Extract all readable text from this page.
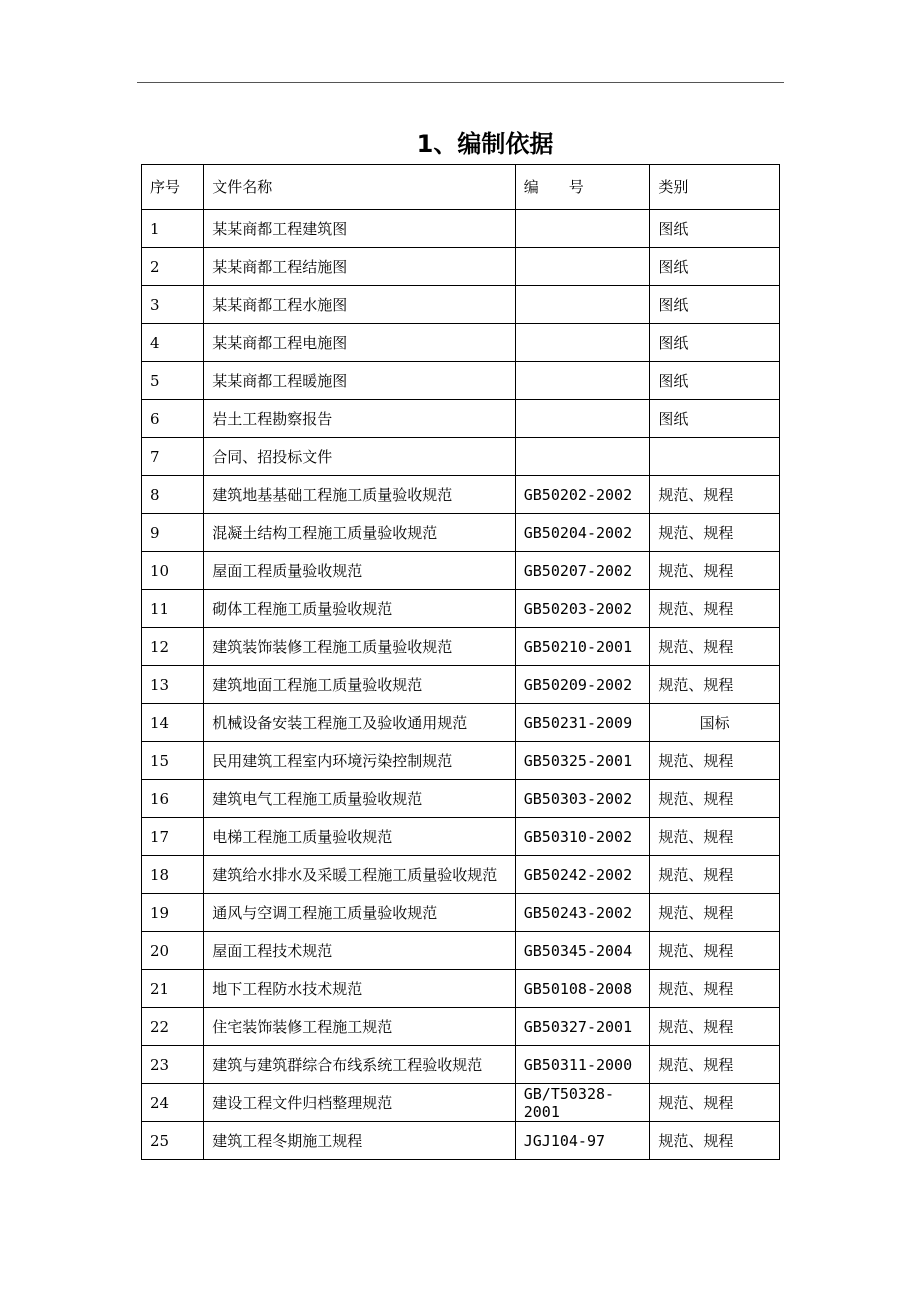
1、编制依据
序号	文件名称	编　　号	类别
1	某某商都工程建筑图		图纸
2	某某商都工程结施图		图纸
3	某某商都工程水施图		图纸
4	某某商都工程电施图		图纸
5	某某商都工程暖施图		图纸
6	岩土工程勘察报告		图纸
7	合同、招投标文件		
8	建筑地基基础工程施工质量验收规范	GB50202-2002	规范、规程
9	混凝土结构工程施工质量验收规范	GB50204-2002	规范、规程
10	屋面工程质量验收规范	GB50207-2002	规范、规程
11	砌体工程施工质量验收规范	GB50203-2002	规范、规程
12	建筑装饰装修工程施工质量验收规范	GB50210-2001	规范、规程
13	建筑地面工程施工质量验收规范	GB50209-2002	规范、规程
14	机械设备安装工程施工及验收通用规范	GB50231-2009	国标
15	民用建筑工程室内环境污染控制规范	GB50325-2001	规范、规程
16	建筑电气工程施工质量验收规范	GB50303-2002	规范、规程
17	电梯工程施工质量验收规范	GB50310-2002	规范、规程
18	建筑给水排水及采暖工程施工质量验收规范	GB50242-2002	规范、规程
19	通风与空调工程施工质量验收规范	GB50243-2002	规范、规程
20	屋面工程技术规范	GB50345-2004	规范、规程
21	地下工程防水技术规范	GB50108-2008	规范、规程
22	住宅装饰装修工程施工规范	GB50327-2001	规范、规程
23	建筑与建筑群综合布线系统工程验收规范	GB50311-2000	规范、规程
24	建设工程文件归档整理规范	GB/T50328-2001	规范、规程
25	建筑工程冬期施工规程	JGJ104-97	规范、规程
